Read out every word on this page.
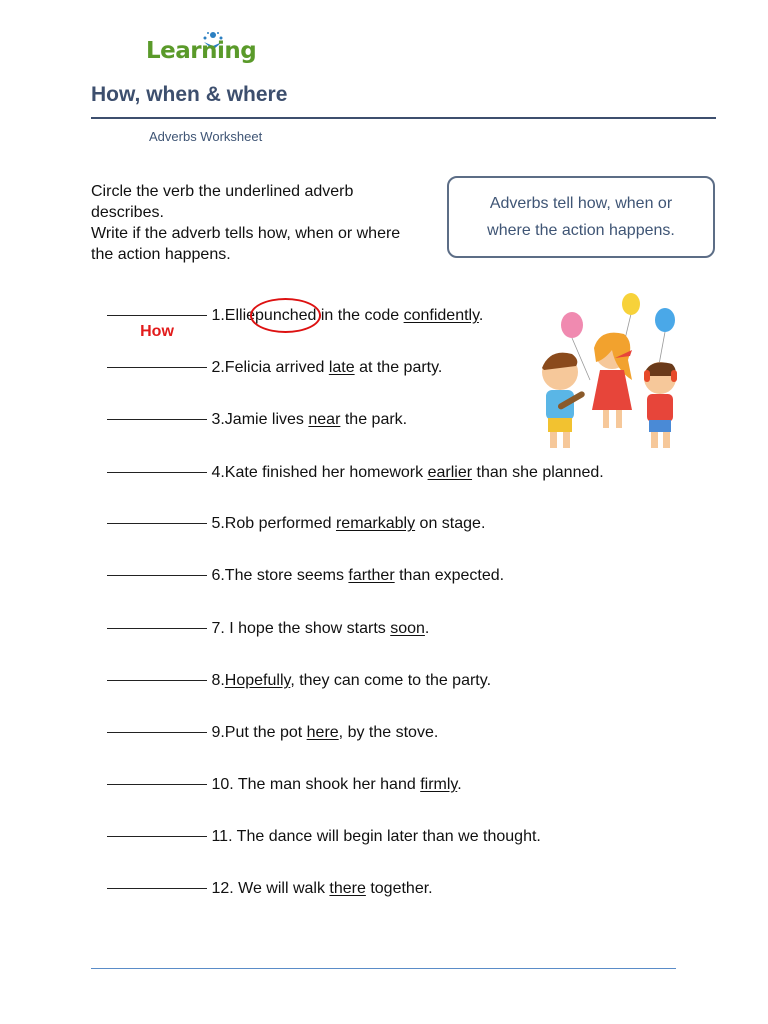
Learning
How, when & where
Adverbs Worksheet
Circle the verb the underlined adverb describes.
Write if the adverb tells how, when or where the action happens.
Adverbs tell how, when or where the action happens.
How
1.Ellie
punched in the code confidently.
2.Felicia arrived late at the party.
3.Jamie lives near the park.
4.Kate finished her homework earlier than she planned.
5.Rob performed remarkably on stage.
6.The store seems farther than expected.
7. I hope the show starts soon.
8.Hopefully, they can come to the party.
9.Put the pot here, by the stove.
10. The man shook her hand firmly.
11. The dance will begin later than we thought.
12. We will walk there together.
